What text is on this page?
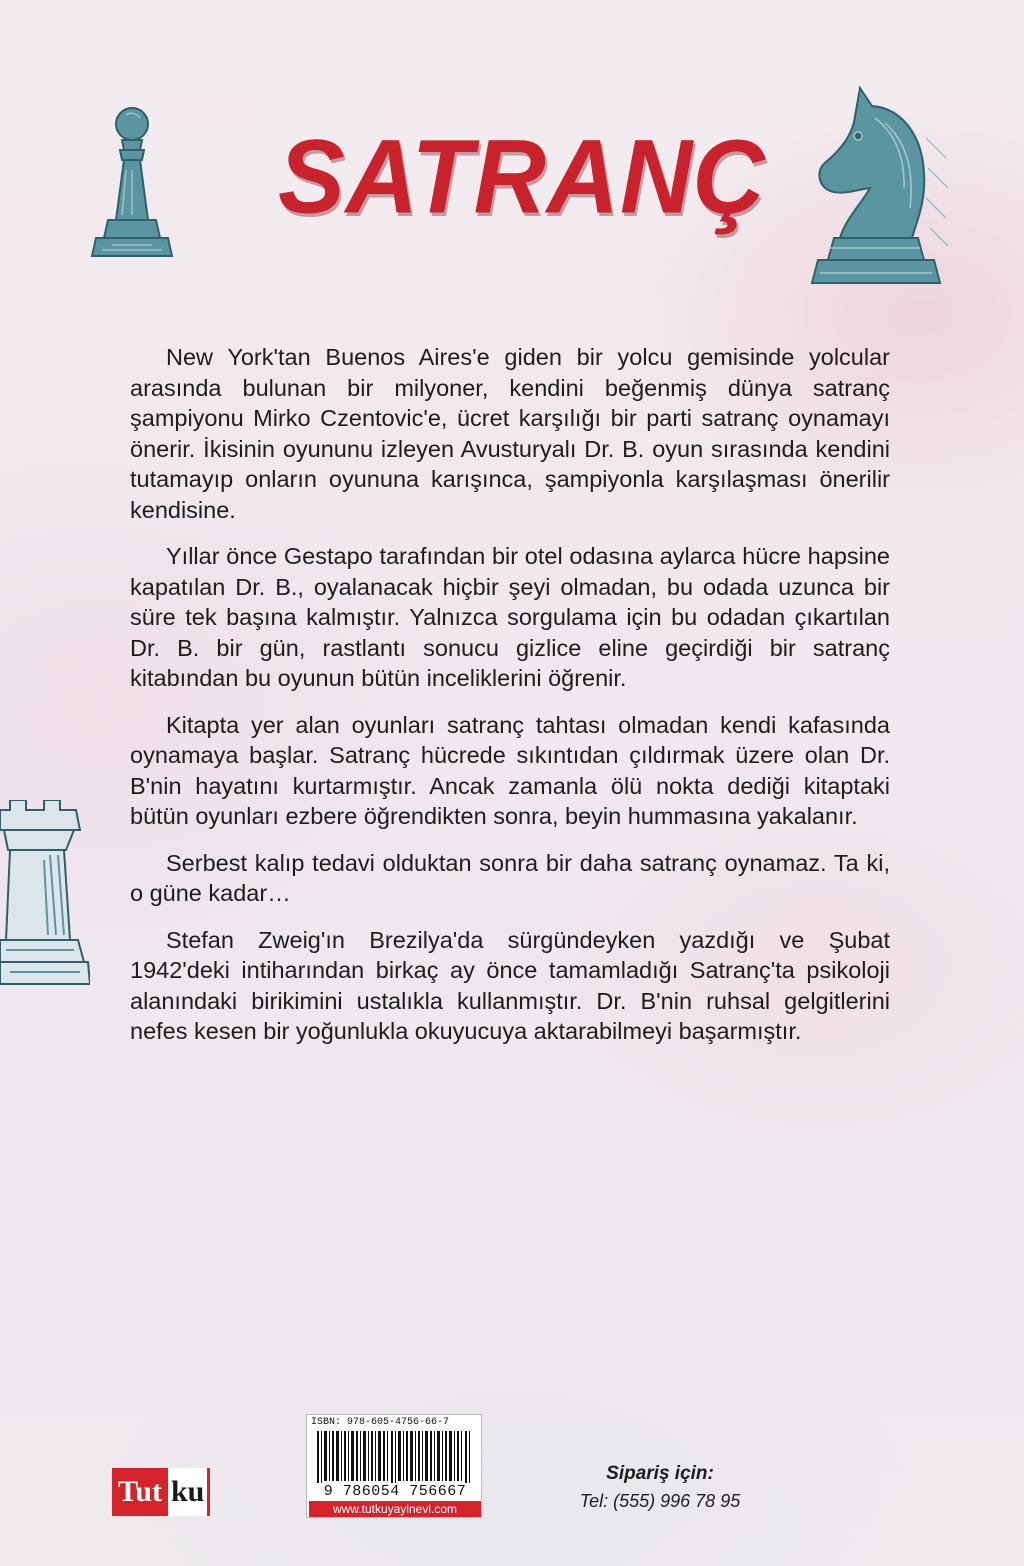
SATRANÇ

New York'tan Buenos Aires'e giden bir yolcu gemisinde yolcular arasında bulunan bir milyoner, kendini beğenmiş dünya satranç şampiyonu Mirko Czentovic'e, ücret karşılığı bir parti satranç oynamayı önerir. İkisinin oyununu izleyen Avusturyalı Dr. B. oyun sırasında kendini tutamayıp onların oyununa karışınca, şampiyonla karşılaşması önerilir kendisine.

Yıllar önce Gestapo tarafından bir otel odasına aylarca hücre hapsine kapatılan Dr. B., oyalanacak hiçbir şeyi olmadan, bu odada uzunca bir süre tek başına kalmıştır. Yalnızca sorgulama için bu odadan çıkartılan Dr. B. bir gün, rastlantı sonucu gizlice eline geçirdiği bir satranç kitabından bu oyunun bütün inceliklerini öğrenir.

Kitapta yer alan oyunları satranç tahtası olmadan kendi kafasında oynamaya başlar. Satranç hücrede sıkıntıdan çıldırmak üzere olan Dr. B'nin hayatını kurtarmıştır. Ancak zamanla ölü nokta dediği kitaptaki bütün oyunları ezbere öğrendikten sonra, beyin hummasına yakalanır.

Serbest kalıp tedavi olduktan sonra bir daha satranç oynamaz. Ta ki, o güne kadar…

Stefan Zweig'ın Brezilya'da sürgündeyken yazdığı ve Şubat 1942'deki intiharından birkaç ay önce tamamladığı Satranç'ta psikoloji alanındaki birikimini ustalıkla kullanmıştır. Dr. B'nin ruhsal gelgitlerini nefes kesen bir yoğunlukla okuyucuya aktarabilmeyi başarmıştır.

Tut ku
ISBN: 978-605-4756-66-7
9 786054 756667
www.tutkuyayinevi.com
Sipariş için:
Tel: (555) 996 78 95
